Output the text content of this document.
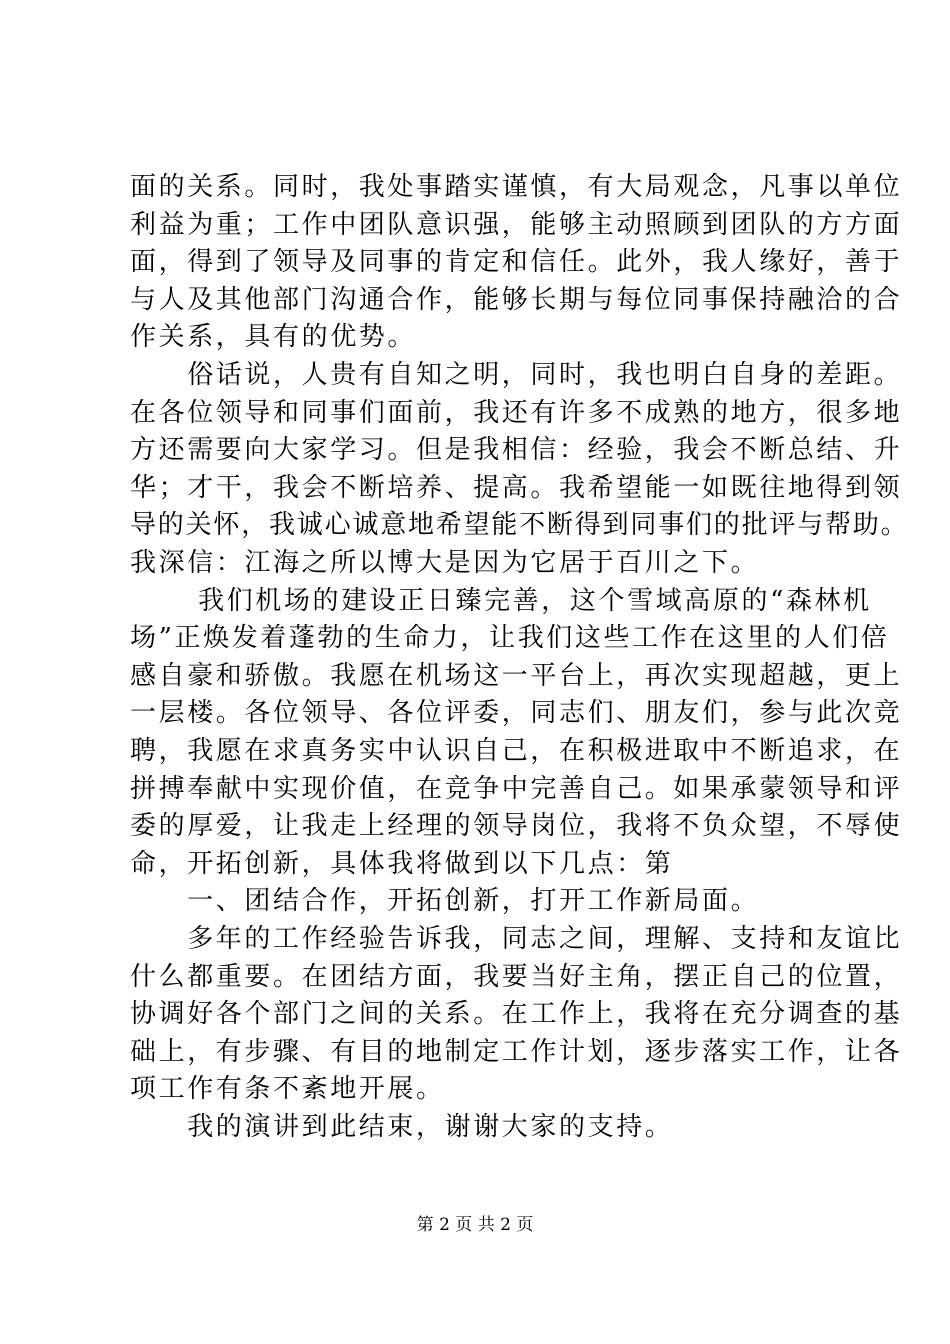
面的关系。同时，我处事踏实谨慎，有大局观念，凡事以单位
利益为重；工作中团队意识强，能够主动照顾到团队的方方面
面，得到了领导及同事的肯定和信任。此外，我人缘好，善于
与人及其他部门沟通合作，能够长期与每位同事保持融洽的合
作关系，具有的优势。
　　俗话说，人贵有自知之明，同时，我也明白自身的差距。
在各位领导和同事们面前，我还有许多不成熟的地方，很多地
方还需要向大家学习。但是我相信：经验，我会不断总结、升
华；才干，我会不断培养、提高。我希望能一如既往地得到领
导的关怀，我诚心诚意地希望能不断得到同事们的批评与帮助。
我深信：江海之所以博大是因为它居于百川之下。
　　 我们机场的建设正日臻完善，这个雪域高原的“森林机
场”正焕发着蓬勃的生命力，让我们这些工作在这里的人们倍
感自豪和骄傲。我愿在机场这一平台上，再次实现超越，更上
一层楼。各位领导、各位评委，同志们、朋友们，参与此次竞
聘，我愿在求真务实中认识自己，在积极进取中不断追求，在
拼搏奉献中实现价值，在竞争中完善自己。如果承蒙领导和评
委的厚爱，让我走上经理的领导岗位，我将不负众望，不辱使
命，开拓创新，具体我将做到以下几点：第
　　一、团结合作，开拓创新，打开工作新局面。
　　多年的工作经验告诉我，同志之间，理解、支持和友谊比
什么都重要。在团结方面，我要当好主角，摆正自己的位置，
协调好各个部门之间的关系。在工作上，我将在充分调查的基
础上，有步骤、有目的地制定工作计划，逐步落实工作，让各
项工作有条不紊地开展。
　　我的演讲到此结束，谢谢大家的支持。
第 2 页 共 2 页
